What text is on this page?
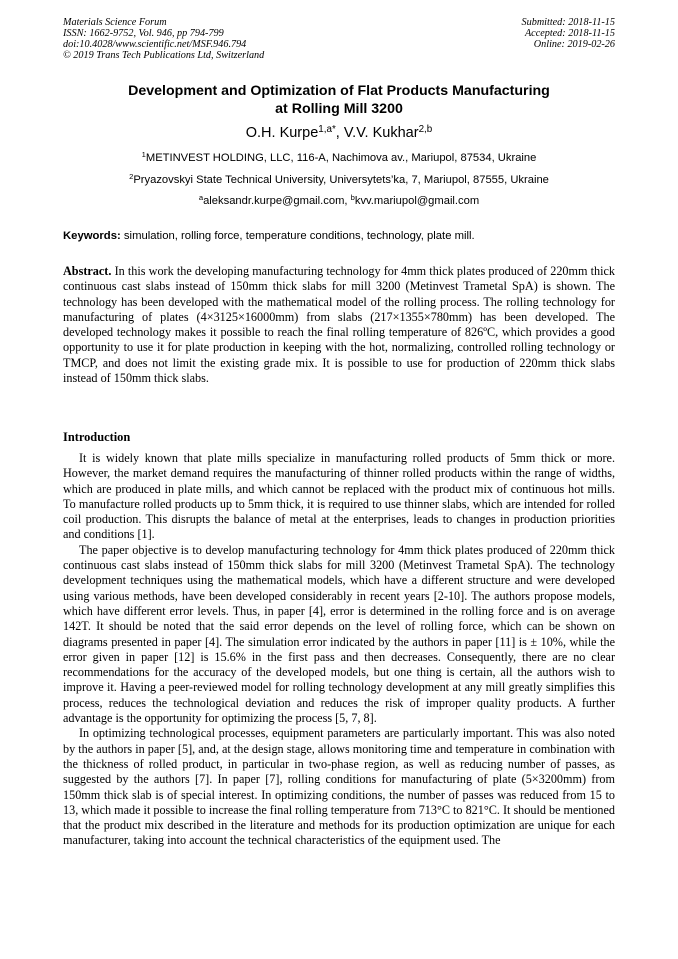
Materials Science Forum
ISSN: 1662-9752, Vol. 946, pp 794-799
doi:10.4028/www.scientific.net/MSF.946.794
© 2019 Trans Tech Publications Ltd, Switzerland
Submitted: 2018-11-15
Accepted: 2018-11-15
Online: 2019-02-26
Development and Optimization of Flat Products Manufacturing
at Rolling Mill 3200
O.H. Kurpe$^{1,a*}$, V.V. Kukhar$^{2,b}$
$^1$METINVEST HOLDING, LLC, 116-A, Nachimova av., Mariupol, 87534, Ukraine
$^2$Pryazovskyi State Technical University, Universytets’ka, 7, Mariupol, 87555, Ukraine
$^a$aleksandr.kurpe@gmail.com, $^b$kvv.mariupol@gmail.com
Keywords: simulation, rolling force, temperature conditions, technology, plate mill.

Abstract. In this work the developing manufacturing technology for 4mm thick plates produced of 220mm thick continuous cast slabs instead of 150mm thick slabs for mill 3200 (Metinvest Trametal SpA) is shown. The technology has been developed with the mathematical model of the rolling process. The rolling technology for manufacturing of plates (4×3125×16000mm) from slabs (217×1355×780mm) has been developed. The developed technology makes it possible to reach the final rolling temperature of 826ºC, which provides a good opportunity to use it for plate production in keeping with the hot, normalizing, controlled rolling technology or TMCP, and does not limit the existing grade mix. It is possible to use for production of 220mm thick slabs instead of 150mm thick slabs.

Introduction

It is widely known that plate mills specialize in manufacturing rolled products of 5mm thick or more. However, the market demand requires the manufacturing of thinner rolled products within the range of widths, which are produced in plate mills, and which cannot be replaced with the product mix of continuous hot mills. To manufacture rolled products up to 5mm thick, it is required to use thinner slabs, which are intended for rolled coil production. This disrupts the balance of metal at the enterprises, leads to changes in production priorities and conditions [1].

The paper objective is to develop manufacturing technology for 4mm thick plates produced of 220mm thick continuous cast slabs instead of 150mm thick slabs for mill 3200 (Metinvest Trametal SpA). The technology development techniques using the mathematical models, which have a different structure and were developed using various methods, have been developed considerably in recent years [2-10]. The authors propose models, which have different error levels. Thus, in paper [4], error is determined in the rolling force and is on average 142T. It should be noted that the said error depends on the level of rolling force, which can be shown on diagrams presented in paper [4]. The simulation error indicated by the authors in paper [11] is ± 10%, while the error given in paper [12] is 15.6% in the first pass and then decreases. Consequently, there are no clear recommendations for the accuracy of the developed models, but one thing is certain, all the authors wish to improve it. Having a peer-reviewed model for rolling technology development at any mill greatly simplifies this process, reduces the technological deviation and reduces the risk of improper quality products. A further advantage is the opportunity for optimizing the process [5, 7, 8].

In optimizing technological processes, equipment parameters are particularly important. This was also noted by the authors in paper [5], and, at the design stage, allows monitoring time and temperature in combination with the thickness of rolled product, in particular in two-phase region, as well as reducing number of passes, as suggested by the authors [7]. In paper [7], rolling conditions for manufacturing of plate (5×3200mm) from 150mm thick slab is of special interest. In optimizing conditions, the number of passes was reduced from 15 to 13, which made it possible to increase the final rolling temperature from 713°C to 821°C. It should be mentioned that the product mix described in the literature and methods for its production optimization are unique for each manufacturer, taking into account the technical characteristics of the equipment used. The
